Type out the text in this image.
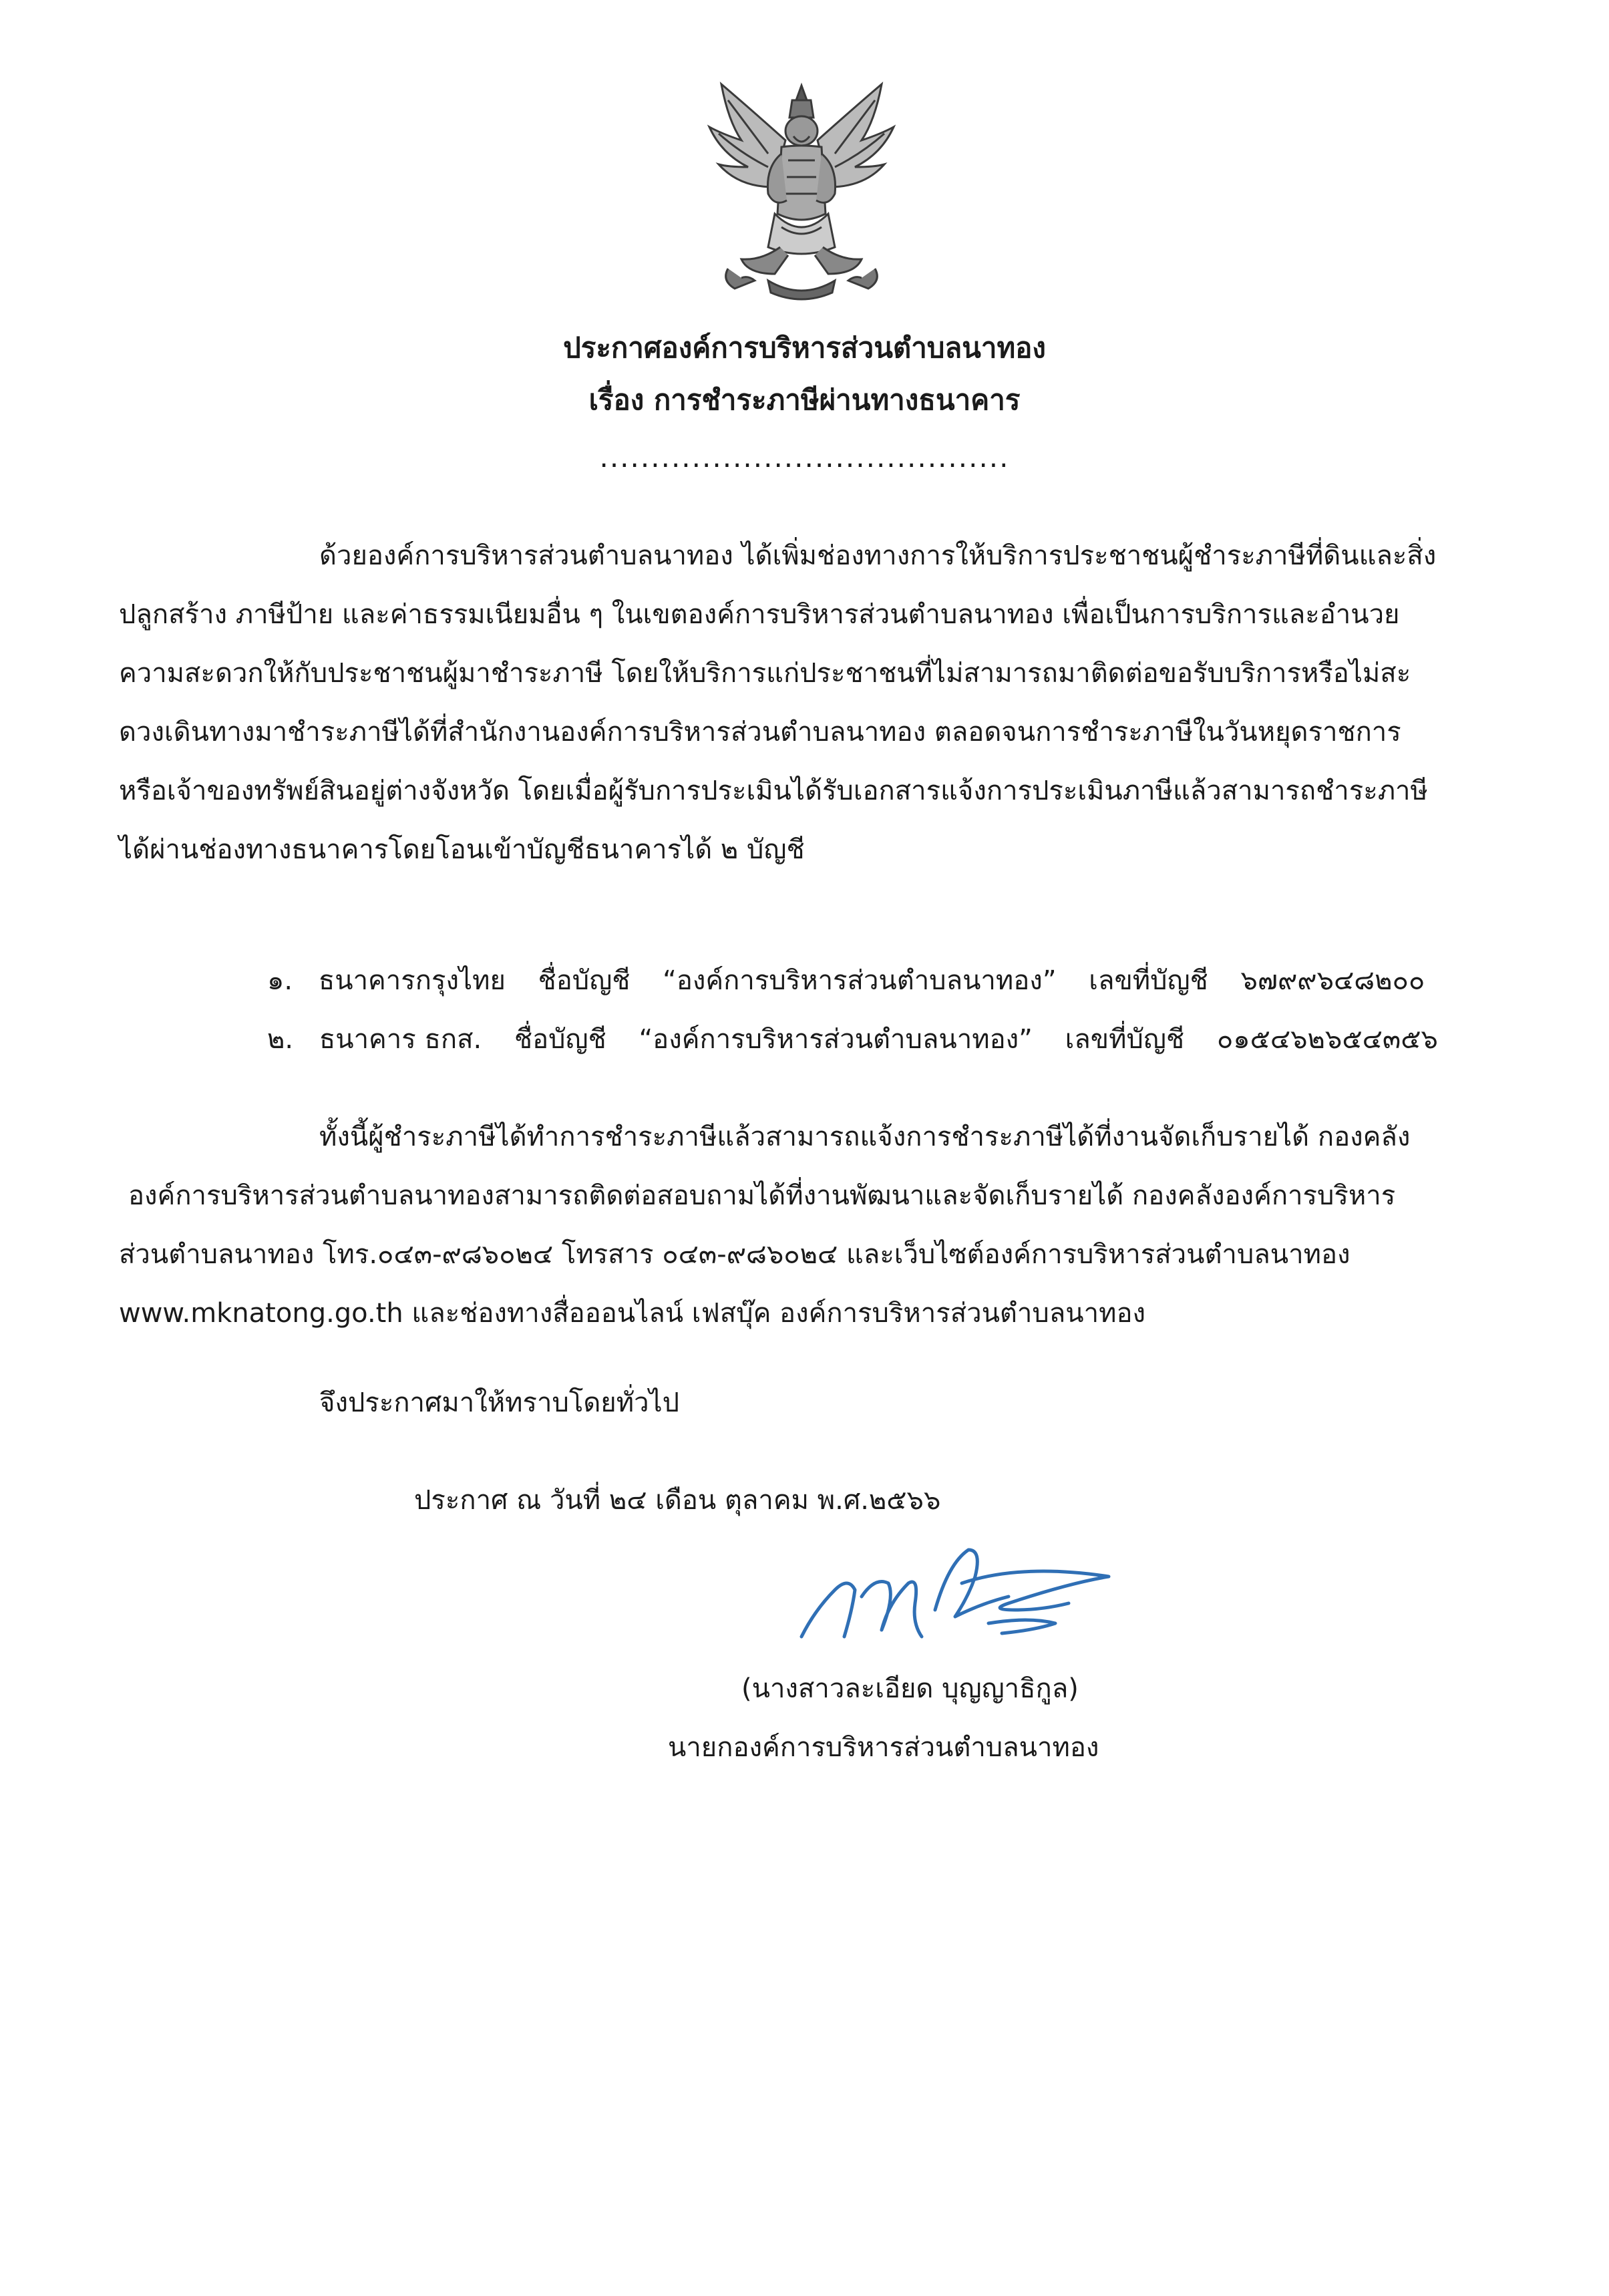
ประกาศองค์การบริหารส่วนตำบลนาทอง
เรื่อง การชำระภาษีผ่านทางธนาคาร
........................................
ด้วยองค์การบริหารส่วนตำบลนาทอง ได้เพิ่มช่องทางการให้บริการประชาชนผู้ชำระภาษีที่ดินและสิ่ง
ปลูกสร้าง ภาษีป้าย และค่าธรรมเนียมอื่น ๆ ในเขตองค์การบริหารส่วนตำบลนาทอง เพื่อเป็นการบริการและอำนวย
ความสะดวกให้กับประชาชนผู้มาชำระภาษี โดยให้บริการแก่ประชาชนที่ไม่สามารถมาติดต่อขอรับบริการหรือไม่สะ
ดวงเดินทางมาชำระภาษีได้ที่สำนักงานองค์การบริหารส่วนตำบลนาทอง ตลอดจนการชำระภาษีในวันหยุดราชการ
หรือเจ้าของทรัพย์สินอยู่ต่างจังหวัด โดยเมื่อผู้รับการประเมินได้รับเอกสารแจ้งการประเมินภาษีแล้วสามารถชำระภาษี
ได้ผ่านช่องทางธนาคารโดยโอนเข้าบัญชีธนาคารได้ ๒ บัญชี
๑. ธนาคารกรุงไทย ชื่อบัญชี “องค์การบริหารส่วนตำบลนาทอง” เลขที่บัญชี ๖๗๙๙๖๔๘๒๐๐
๒. ธนาคาร ธกส. ชื่อบัญชี “องค์การบริหารส่วนตำบลนาทอง” เลขที่บัญชี ๐๑๕๔๖๒๖๕๔๓๕๖
ทั้งนี้ผู้ชำระภาษีได้ทำการชำระภาษีแล้วสามารถแจ้งการชำระภาษีได้ที่งานจัดเก็บรายได้ กองคลัง
องค์การบริหารส่วนตำบลนาทองสามารถติดต่อสอบถามได้ที่งานพัฒนาและจัดเก็บรายได้ กองคลังองค์การบริหาร
ส่วนตำบลนาทอง โทร.๐๔๓-๙๘๖๐๒๔ โทรสาร ๐๔๓-๙๘๖๐๒๔ และเว็บไซต์องค์การบริหารส่วนตำบลนาทอง
www.mknatong.go.th และช่องทางสื่อออนไลน์ เฟสบุ๊ค องค์การบริหารส่วนตำบลนาทอง
จึงประกาศมาให้ทราบโดยทั่วไป
ประกาศ ณ วันที่ ๒๔ เดือน ตุลาคม พ.ศ.๒๕๖๖
(นางสาวละเอียด บุญญาธิกูล)
นายกองค์การบริหารส่วนตำบลนาทอง
